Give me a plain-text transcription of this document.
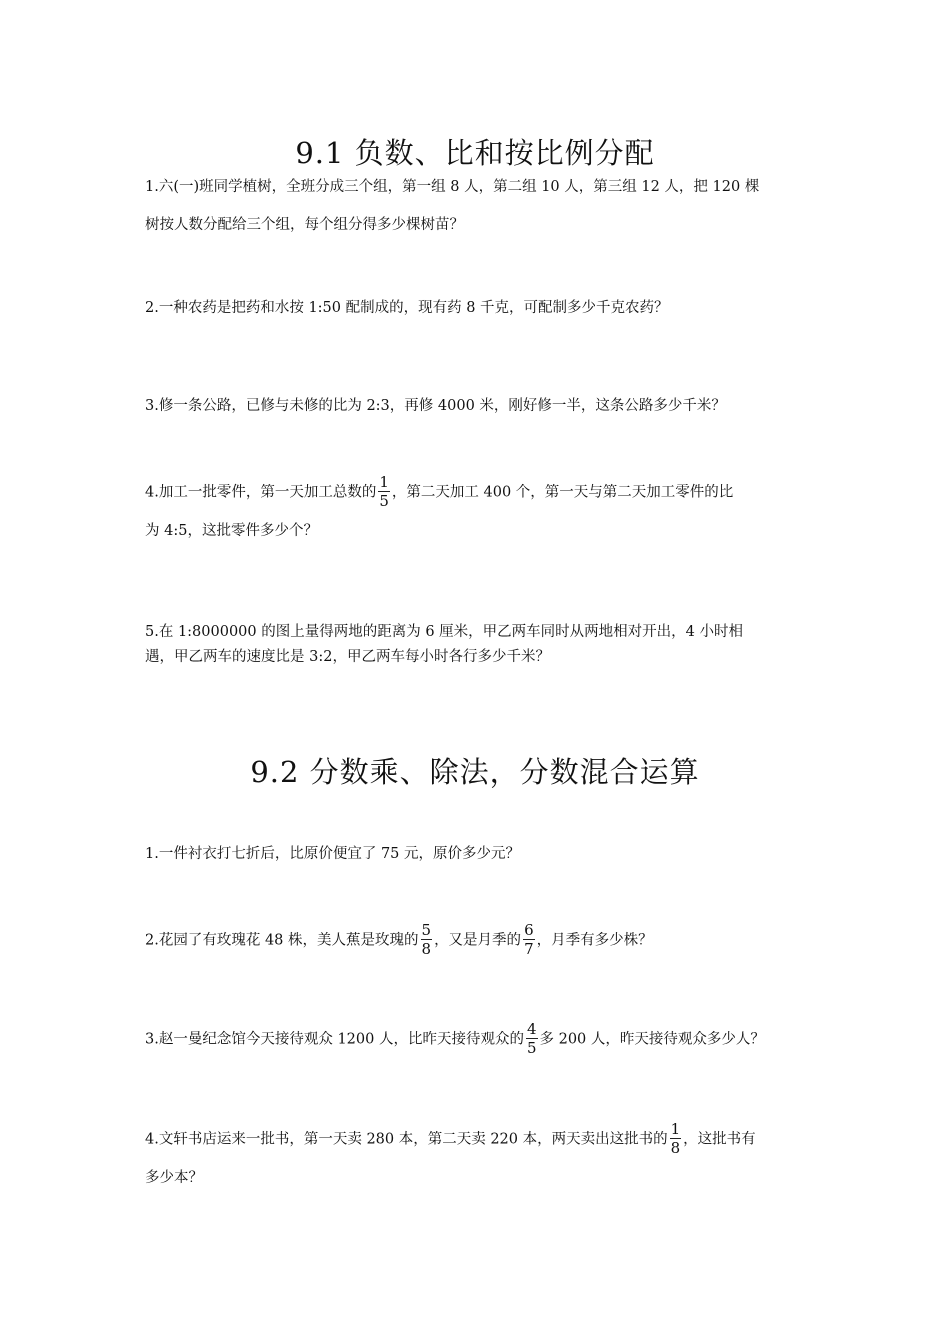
9.1 负数、比和按比例分配

1.六(一)班同学植树，全班分成三个组，第一组 8 人，第二组 10 人，第三组 12 人，把 120 棵

树按人数分配给三个组，每个组分得多少棵树苗？

2.一种农药是把药和水按 1:50 配制成的，现有药 8 千克，可配制多少千克农药？

3.修一条公路，已修与未修的比为 2:3，再修 4000 米，刚好修一半，这条公路多少千米？

4.加工一批零件，第一天加工总数的 $\frac{1}{5}$ ，第二天加工 400 个，第一天与第二天加工零件的比

为 4:5，这批零件多少个？

5.在 1:8000000 的图上量得两地的距离为 6 厘米，甲乙两车同时从两地相对开出，4 小时相

遇，甲乙两车的速度比是 3:2，甲乙两车每小时各行多少千米？

9.2 分数乘、除法，分数混合运算

1.一件衬衣打七折后，比原价便宜了 75 元，原价多少元？

2.花园了有玫瑰花 48 株，美人蕉是玫瑰的 $\frac{5}{8}$ ，又是月季的 $\frac{6}{7}$ ，月季有多少株？

3.赵一曼纪念馆今天接待观众 1200 人，比昨天接待观众的 $\frac{4}{5}$ 多 200 人，昨天接待观众多少人？

4.文轩书店运来一批书，第一天卖 280 本，第二天卖 220 本，两天卖出这批书的 $\frac{1}{8}$ ，这批书有

多少本？
